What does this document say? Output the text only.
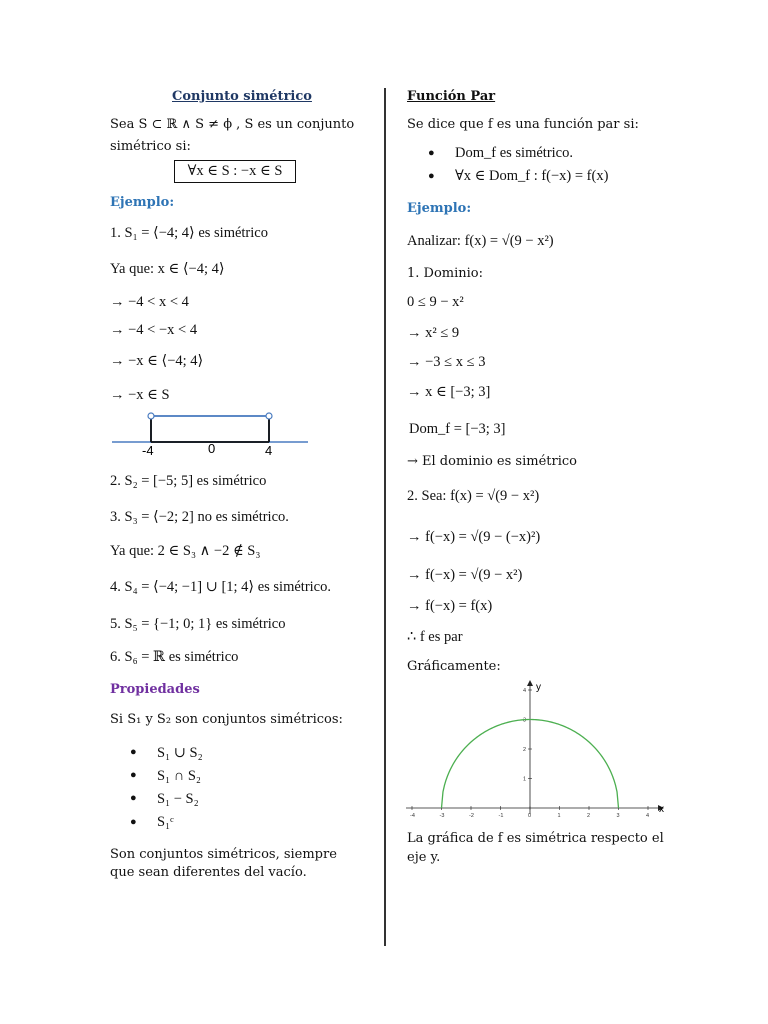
Conjunto simétrico
Sea S ⊂ ℝ ∧ S ≠ ϕ , S es un conjunto
simétrico si:
∀x ∈ S : −x ∈ S
Ejemplo:
1. S₁ = ⟨−4; 4⟩ es simétrico
Ya que: x ∈ ⟨−4; 4⟩
→ −4 < x < 4
→ −4 < −x < 4
→ −x ∈ ⟨−4; 4⟩
→ −x ∈ S
-4	0	4
2. S₂ = [−5; 5] es simétrico
3. S₃ = ⟨−2; 2] no es simétrico.
Ya que: 2 ∈ S₃ ∧ −2 ∉ S₃
4. S₄ = ⟨−4; −1] ∪ [1; 4⟩ es simétrico.
5. S₅ = {−1; 0; 1} es simétrico
6. S₆ = ℝ es simétrico
Propiedades
Si S₁ y S₂ son conjuntos simétricos:
● S₁ ∪ S₂
● S₁ ∩ S₂
● S₁ − S₂
● S₁ᶜ
Son conjuntos simétricos, siempre
que sean diferentes del vacío.
Función Par
Se dice que f es una función par si:
● Dom_f es simétrico.
● ∀x ∈ Dom_f : f(−x) = f(x)
Ejemplo:
Analizar: f(x) = √(9 − x²)
1. Dominio:
0 ≤ 9 − x²
→ x² ≤ 9
→ −3 ≤ x ≤ 3
→ x ∈ [−3; 3]
Dom_f = [−3; 3]
→ El dominio es simétrico
2. Sea: f(x) = √(9 − x²)
→ f(−x) = √(9 − (−x)²)
→ f(−x) = √(9 − x²)
→ f(−x) = f(x)
∴ f es par
Gráficamente:
-4	-3	-2	-1	0	1	2	3	4
1
2
3
4
x
y
La gráfica de f es simétrica respecto el
eje y.
